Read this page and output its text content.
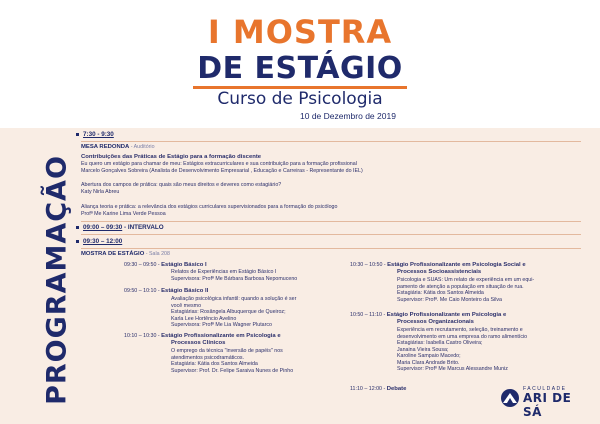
I MOSTRA
DE ESTÁGIO
Curso de Psicologia
10 de Dezembro de 2019
PROGRAMAÇÃO
7:30 - 9:30
MESA REDONDA - Auditório
Contribuições das Práticas de Estágio para a formação discente
Eu quero um estágio para chamar de meu: Estágios extracurriculares e sua contribuição para a formação profissional
Marcelo Gonçalves Sobreira (Analista de Desenvolvimento Empresarial , Educação e Carreiras - Representante do IEL)
Abertura dos campos de prática: quais são meus direitos e deveres como estagiário?
Katy Nirla Abreu
Aliança teoria e prática: a relevância dos estágios curriculares supervisionados para a formação do psicólogo
Profª Me Karine Lima Verde Pessoa
09:00 – 09:30 - INTERVALO
09:30 – 12:00
MOSTRA DE ESTÁGIO - Sala 208
09:30 – 09:50 - Estágio Básico I
Relatos de Experiências em Estágio Básico I
Supervisora: Profª Me Bárbara Barbosa Nepomuceno
09:50 – 10:10 - Estágio Básico II
Avaliação psicológica infantil: quando a solução é ser
você mesmo
Estagiárias: Rosângela Albuquerque de Queiroz;
Karla Lee Hortêncio Avelino
Supervisora: Profª Me Lia Wagner Plutarco
10:10 – 10:30 - Estágio Profissionalizante em Psicologia e
Processos Clínicos
O emprego da técnica "inversão de papéis" nos
atendimentos psicodramáticos.
Estagiária: Kátia dos Santos Almeida
Supervisor: Prof. Dr. Felipe Saraiva Nunes de Pinho
10:30 – 10:50 - Estágio Profissionalizante em Psicologia Social e
Processos Socioassistenciais
Psicologia e SUAS: Um relato de experiência em um equi-
pamento de atenção a população em situação de rua.
Estagiária: Kátia dos Santos Almeida
Supervisor: Profª. Me Caio Monteiro da Silva
10:50 – 11:10 - Estágio Profissionalizante em Psicologia e
Processos Organizacionais
Experiência em recrutamento, seleção, treinamento e
desenvolvimento em uma empresa do ramo alimentício
Estagiárias: Isabella Castro Oliveira;
Janaina Vieira Sousa;
Karoline Sampaio Macedo;
Maria Clara Andrade Brito.
Supervisor: Profº Me Marcus Alessandre Muniz
11:10 – 12:00 - Debate	FACULDADE
ARI DE SÁ
